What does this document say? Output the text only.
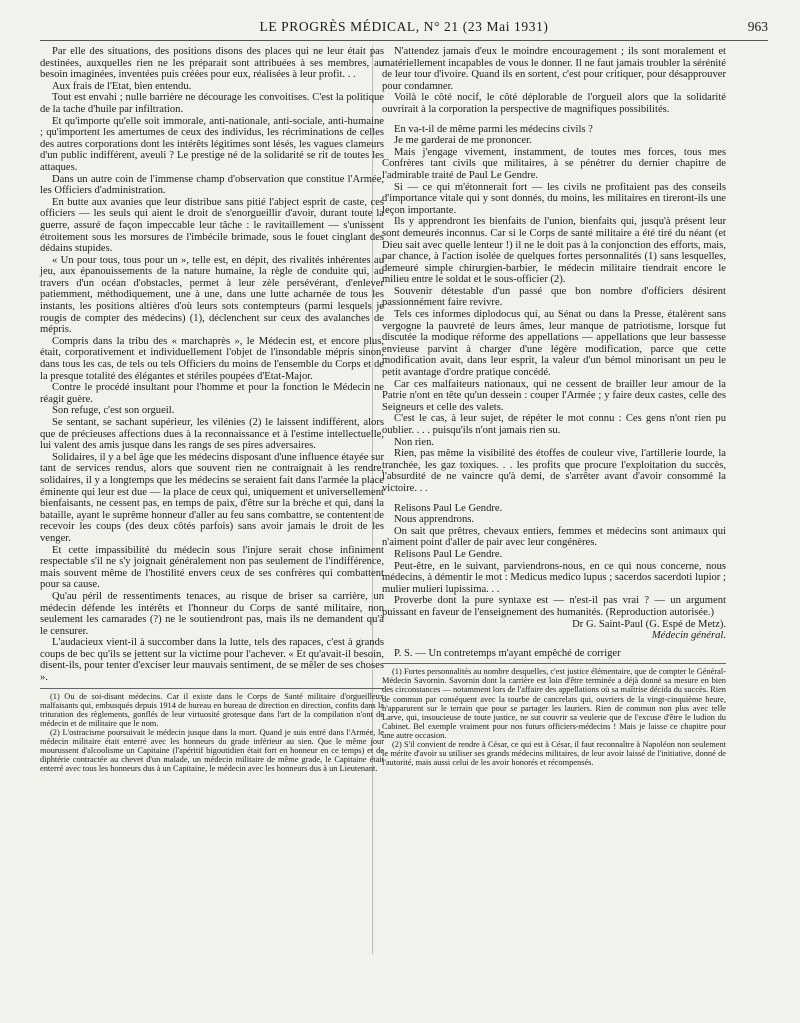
LE PROGRÈS MÉDICAL, N° 21 (23 Mai 1931)	963

Par elle des situations, des positions disons des places qui ne leur était pas destinées, auxquelles rien ne les préparait sont attribuées à ses membres, au besoin imaginées, inventées puis créées pour eux, réalisées à leur profit. . .

Aux frais de l'Etat, bien entendu.

Tout est envahi ; nulle barrière ne décourage les convoitises. C'est la politique de la tache d'huile par infiltration.

Et qu'importe qu'elle soit immorale, anti-nationale, anti-sociale, anti-humaine ; qu'importent les amertumes de ceux des individus, les récriminations de celles des autres corporations dont les intérêts légitimes sont lésés, les vagues clameurs d'un public indifférent, aveuli ? Le prestige né de la solidarité se rit de toutes les attaques.

Dans un autre coin de l'immense champ d'observation que constitue l'Armée, les Officiers d'administration.

En butte aux avanies que leur distribue sans pitié l'abject esprit de caste, ces officiers — les seuls qui aient le droit de s'enorgueillir d'avoir, durant toute la guerre, assuré de façon impeccable leur tâche : le ravitaillement — s'unissent étroitement sous les morsures de l'imbécile brimade, sous le fouet cinglant des dédains stupides.

« Un pour tous, tous pour un », telle est, en dépit, des rivalités inhérentes au jeu, aux épanouissements de la nature humaine, la règle de conduite qui, au travers d'un océan d'obstacles, permet à leur zèle persévérant, d'enlever patiemment, méthodiquement, une à une, dans une lutte acharnée de tous les instants, les positions altières d'où leurs sots contempteurs (parmi lesquels je rougis de compter des médecins) (1), déclenchent sur ceux des avalanches de mépris.

Compris dans la tribu des « marchaprès », le Médecin est, et encore plus, était, corporativement et individuellement l'objet de l'insondable mépris sinon, dans tous les cas, de tels ou tels Officiers du moins de l'ensemble du Corps et de la presque totalité des élégantes et stériles poupées d'Etat-Major.

Contre le procédé insultant pour l'homme et pour la fonction le Médecin ne réagit guère.

Son refuge, c'est son orgueil.

Se sentant, se sachant supérieur, les vilénies (2) le laissent indifférent, alors que de précieuses affections dues à la reconnaissance et à l'estime intellectuelle, lui valent des amis jusque dans les rangs de ses pires adversaires.

Solidaires, il y a bel âge que les médecins disposant d'une influence étayée sur tant de services rendus, alors que souvent rien ne contraignait à les rendre, solidaires, il y a longtemps que les médecins se seraient fait dans l'armée la place éminente qui leur est due — la place de ceux qui, uniquement et universellement bienfaisants, ne cessent pas, en temps de paix, d'être sur la brèche et qui, dans la bataille, ayant le suprême honneur d'aller au feu sans combattre, se contentent de recevoir les coups (des deux côtés parfois) sans avoir jamais le droit de les venger.

Et cette impassibilité du médecin sous l'injure serait chose infiniment respectable s'il ne s'y joignait généralement non pas seulement de l'indifférence, mais souvent même de l'hostilité envers ceux de ses confrères qui combattent pour sa cause.

Qu'au péril de ressentiments tenaces, au risque de briser sa carrière, un médecin défende les intérêts et l'honneur du Corps de santé militaire, non seulement les camarades (?) ne le soutiendront pas, mais ils ne demandent qu'à le censurer.

L'audacieux vient-il à succomber dans la lutte, tels des rapaces, c'est à grands coups de bec qu'ils se jettent sur la victime pour l'achever. « Et qu'avait-il besoin, disent-ils, pour tenter d'exciser leur mauvais sentiment, de se mêler de ses choses ».

(1) Ou de soi-disant médecins. Car il existe dans le Corps de Santé militaire d'orgueilleux malfaisants qui, embusqués depuis 1914 de bureau en bureau de direction en direction, confits dans la trituration des règlements, gonflés de leur virtuosité grotesque dans l'art de la compilation n'ont de médecin et de militaire que le nom.

(2) L'ostracisme poursuivait le médecin jusque dans la mort. Quand je suis entré dans l'Armée, le médecin militaire était enterré avec les honneurs du grade inférieur au sien. Que le même jour mourussent d'alcoolisme un Capitaine (l'apéritif bigoutidien était fort en honneur en ce temps) et de diphtérie contractée au chevet d'un malade, un médecin militaire de même grade, le Capitaine était enterré avec tous les honneurs dus à un Capitaine, le médecin avec les honneurs dus à un Lieutenant.

N'attendez jamais d'eux le moindre encouragement ; ils sont moralement et matériellement incapables de vous le donner. Il ne faut jamais troubler la sérénité de leur tour d'ivoire. Quand ils en sortent, c'est pour critiquer, pour désapprouver pour condamner.

Voilà le côté nocif, le côté déplorable de l'orgueil alors que la solidarité ouvrirait à la corporation la perspective de magnifiques possibilités.

En va-t-il de même parmi les médecins civils ?

Je me garderai de me prononcer.

Mais j'engage vivement, instamment, de toutes mes forces, tous mes Confrères tant civils que militaires, à se pénétrer du dernier chapitre de l'admirable traité de Paul Le Gendre.

Si — ce qui m'étonnerait fort — les civils ne profitaient pas des conseils d'importance vitale qui y sont donnés, du moins, les militaires en tireront-ils une leçon importante.

Ils y apprendront les bienfaits de l'union, bienfaits qui, jusqu'à présent leur sont demeurés inconnus. Car si le Corps de santé militaire a été tiré du néant (et Dieu sait avec quelle lenteur !) il ne le doit pas à la conjonction des efforts, mais, par chance, à l'action isolée de quelques fortes personnalités (1) sans lesquelles, demeuré simple chirurgien-barbier, le médecin militaire tiendrait encore le milieu entre le soldat et le sous-officier (2).

Souvenir détestable d'un passé que bon nombre d'officiers désirent passionnément faire revivre.

Tels ces informes diplodocus qui, au Sénat ou dans la Presse, étalèrent sans vergogne la pauvreté de leurs âmes, leur manque de patriotisme, lorsque fut discutée la modique réforme des appellations — appellations que leur bassesse envieuse parvint à charger d'une légère modification, parce que cette modification avait, dans leur esprit, la valeur d'un bémol minorisant un peu le petit avantage d'ordre pratique concédé.

Car ces malfaiteurs nationaux, qui ne cessent de brailler leur amour de la Patrie n'ont en tête qu'un dessein : couper l'Armée ; y faire deux castes, celle des Seigneurs et celle des valets.

C'est le cas, à leur sujet, de répéter le mot connu : Ces gens n'ont rien pu oublier. . . . puisqu'ils n'ont jamais rien su.

Non rien.

Rien, pas même la visibilité des étoffes de couleur vive, l'artillerie lourde, la tranchée, les gaz toxiques. . . les profits que procure l'exploitation du succès, l'absurdité de ne vaincre qu'à demi, de s'arrêter avant d'avoir consommé la victoire. . .

Relisons Paul Le Gendre.

Nous apprendrons.

On sait que prêtres, chevaux entiers, femmes et médecins sont animaux qui n'aiment point d'aller de pair avec leur congénères.

Relisons Paul Le Gendre.

Peut-être, en le suivant, parviendrons-nous, en ce qui nous concerne, nous médecins, à démentir le mot : Medicus medico lupus ; sacerdos sacerdoti lupior ; mulier mulieri lupissima. . .

Proverbe dont la pure syntaxe est — n'est-il pas vrai ? — un argument puissant en faveur de l'enseignement des humanités. (Reproduction autorisée.)

Dr G. Saint-Paul (G. Espé de Metz).

Médecin général.

P. S. — Un contretemps m'ayant empêché de corriger

(1) Fortes personnalités au nombre desquelles, c'est justice élémentaire, que de compter le Général-Médecin Savornin. Savornin dont la carrière est loin d'être terminée a déjà donné sa mesure en bien des circonstances — notamment lors de l'affaire des appellations où sa maîtrise décida du succès. Rien de commun par conséquent avec la tourbe de cancrelats qui, ouvriers de la vingt-cinquième heure, n'apparurent sur le terrain que pour se partager les lauriers. Rien de commun non plus avec telle Larve, qui, insoucieuse de toute justice, ne sut couvrir sa veulerie que de l'excuse d'être le ludion du Cabinet. Bel exemple vraiment pour nos futurs officiers-médecins ! Mais je laisse ce chapitre pour une autre occasion.

(2) S'il convient de rendre à César, ce qui est à César, il faut reconnaître à Napoléon non seulement le mérite d'avoir su utiliser ses grands médecins militaires, de leur avoir laissé de l'initiative, donné de l'autorité, mais aussi celui de les avoir honorés et récompensés.
